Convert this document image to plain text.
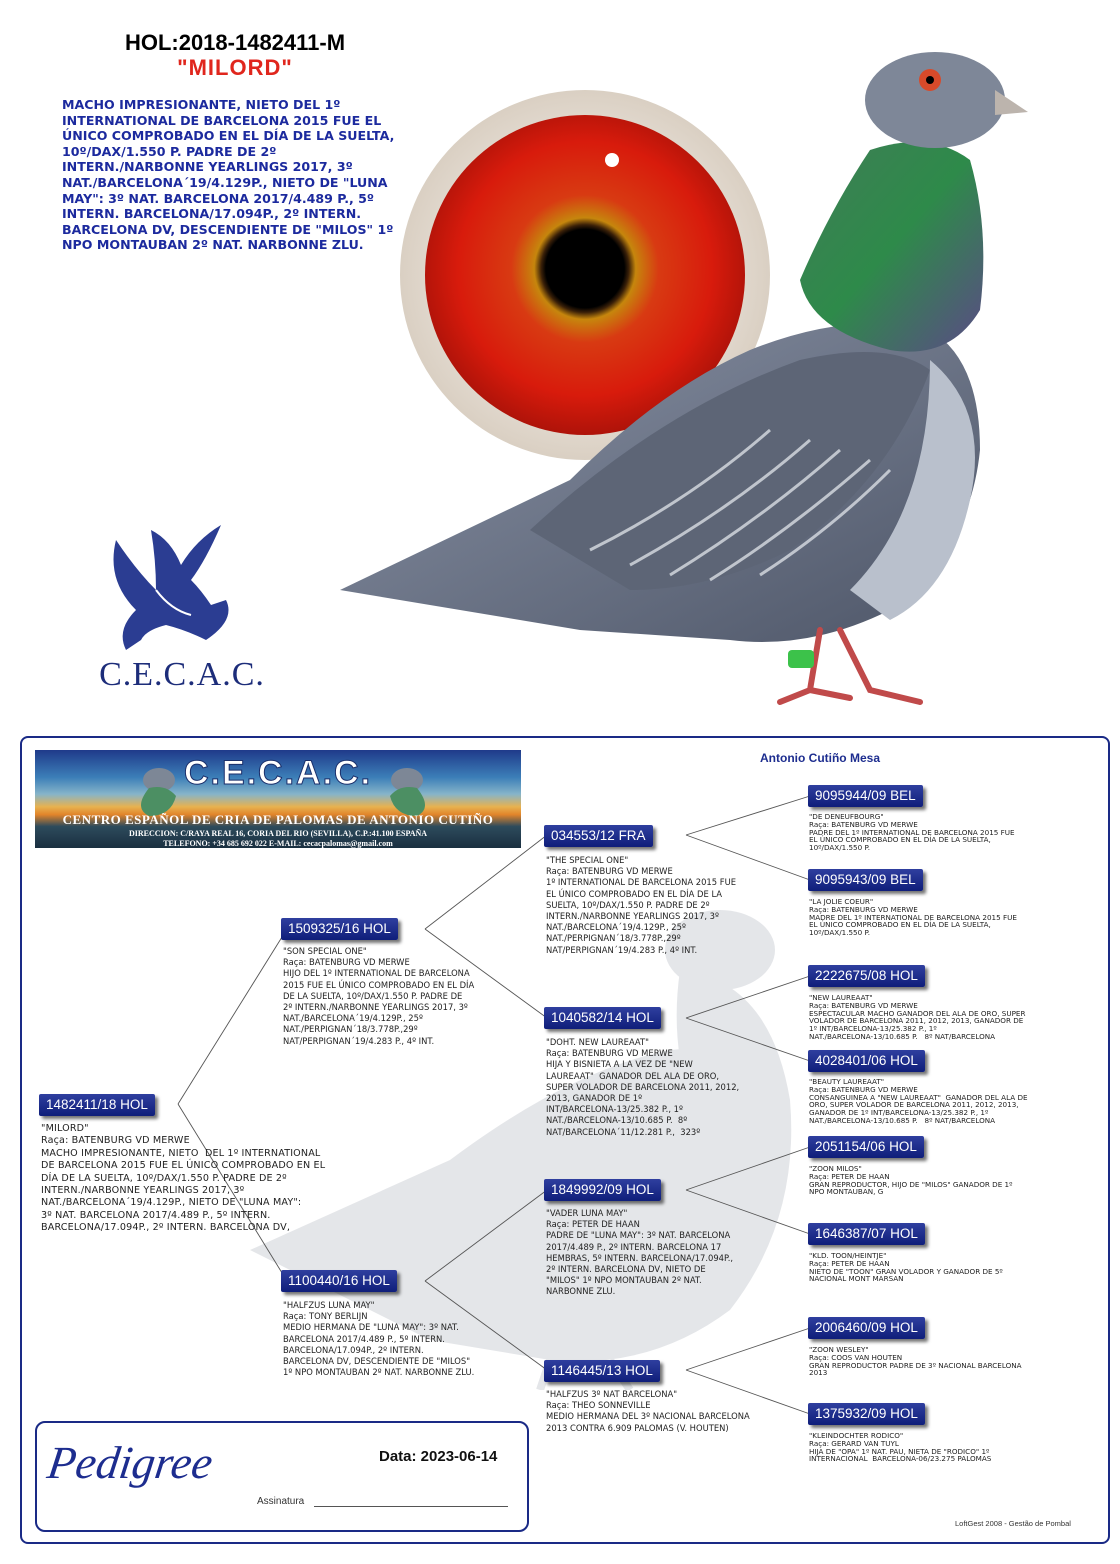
HOL:2018-1482411-M
"MILORD"
MACHO IMPRESIONANTE, NIETO DEL 1º INTERNATIONAL DE BARCELONA 2015 FUE EL ÚNICO COMPROBADO EN EL DÍA DE LA SUELTA, 10º/DAX/1.550 P. PADRE DE 2º INTERN./NARBONNE YEARLINGS 2017, 3º NAT./BARCELONA´19/4.129P., NIETO DE "LUNA MAY": 3º NAT. BARCELONA 2017/4.489 P., 5º INTERN. BARCELONA/17.094P., 2º INTERN. BARCELONA DV, DESCENDIENTE DE "MILOS" 1º NPO MONTAUBAN 2º NAT. NARBONNE ZLU.
C.E.C.A.C.
C.E.C.A.C.
CENTRO ESPAÑOL DE CRIA DE PALOMAS DE ANTONIO CUTIÑO
DIRECCION: C/RAYA REAL 16, CORIA DEL RIO (SEVILLA), C.P.:41.100 ESPAÑA
TELEFONO: +34 685 692 022 E-MAIL: cecacpalomas@gmail.com
Antonio Cutiño Mesa
1482411/18 HOL
"MILORD"
Raça: BATENBURG VD MERWE
MACHO IMPRESIONANTE, NIETO  DEL 1º INTERNATIONAL
DE BARCELONA 2015 FUE EL ÚNICO COMPROBADO EN EL
DÍA DE LA SUELTA, 10º/DAX/1.550 P. PADRE DE 2º
INTERN./NARBONNE YEARLINGS 2017, 3º
NAT./BARCELONA´19/4.129P., NIETO DE "LUNA MAY":
3º NAT. BARCELONA 2017/4.489 P., 5º INTERN.
BARCELONA/17.094P., 2º INTERN. BARCELONA DV,
1509325/16 HOL
"SON SPECIAL ONE"
Raça: BATENBURG VD MERWE
HIJO DEL 1º INTERNATIONAL DE BARCELONA
2015 FUE EL ÚNICO COMPROBADO EN EL DÍA
DE LA SUELTA, 10º/DAX/1.550 P. PADRE DE
2º INTERN./NARBONNE YEARLINGS 2017, 3º
NAT./BARCELONA´19/4.129P., 25º
NAT./PERPIGNAN´18/3.778P.,29º
NAT/PERPIGNAN´19/4.283 P., 4º INT.
1100440/16 HOL
"HALFZUS LUNA MAY"
Raça: TONY BERLIJN
MEDIO HERMANA DE "LUNA MAY": 3º NAT.
BARCELONA 2017/4.489 P., 5º INTERN.
BARCELONA/17.094P., 2º INTERN.
BARCELONA DV, DESCENDIENTE DE "MILOS"
1º NPO MONTAUBAN 2º NAT. NARBONNE ZLU.
034553/12 FRA
"THE SPECIAL ONE"
Raça: BATENBURG VD MERWE
1º INTERNATIONAL DE BARCELONA 2015 FUE
EL ÚNICO COMPROBADO EN EL DÍA DE LA
SUELTA, 10º/DAX/1.550 P. PADRE DE 2º
INTERN./NARBONNE YEARLINGS 2017, 3º
NAT./BARCELONA´19/4.129P., 25º
NAT./PERPIGNAN´18/3.778P.,29º
NAT/PERPIGNAN´19/4.283 P., 4º INT.
1040582/14 HOL
"DOHT. NEW LAUREAAT"
Raça: BATENBURG VD MERWE
HIJA Y BISNIETA A LA VEZ DE "NEW
LAUREAAT"  GANADOR DEL ALA DE ORO,
SUPER VOLADOR DE BARCELONA 2011, 2012,
2013, GANADOR DE 1º
INT/BARCELONA-13/25.382 P., 1º
NAT./BARCELONA-13/10.685 P.  8º
NAT/BARCELONA´11/12.281 P.,  323º
1849992/09 HOL
"VADER LUNA MAY"
Raça: PETER DE HAAN
PADRE DE "LUNA MAY": 3º NAT. BARCELONA
2017/4.489 P., 2º INTERN. BARCELONA 17
HEMBRAS, 5º INTERN. BARCELONA/17.094P.,
2º INTERN. BARCELONA DV, NIETO DE
"MILOS" 1º NPO MONTAUBAN 2º NAT.
NARBONNE ZLU.
1146445/13 HOL
"HALFZUS 3º NAT BARCELONA"
Raça: THEO SONNEVILLE
MEDIO HERMANA DEL 3º NACIONAL BARCELONA
2013 CONTRA 6.909 PALOMAS (V. HOUTEN)
9095944/09 BEL
"DE DENEUFBOURG"
Raça: BATENBURG VD MERWE
PADRE DEL 1º INTERNATIONAL DE BARCELONA 2015 FUE
EL ÚNICO COMPROBADO EN EL DÍA DE LA SUELTA,
10º/DAX/1.550 P.
9095943/09 BEL
"LA JOLIE COEUR"
Raça: BATENBURG VD MERWE
MADRE DEL 1º INTERNATIONAL DE BARCELONA 2015 FUE
EL ÚNICO COMPROBADO EN EL DÍA DE LA SUELTA,
10º/DAX/1.550 P.
2222675/08 HOL
"NEW LAUREAAT"
Raça: BATENBURG VD MERWE
ESPECTACULAR MACHO GANADOR DEL ALA DE ORO, SUPER
VOLADOR DE BARCELONA 2011, 2012, 2013, GANADOR DE
1º INT/BARCELONA-13/25.382 P., 1º
NAT./BARCELONA-13/10.685 P.   8º NAT/BARCELONA
4028401/06 HOL
"BEAUTY LAUREAAT"
Raça: BATENBURG VD MERWE
CONSANGUINEA A "NEW LAUREAAT"  GANADOR DEL ALA DE
ORO, SUPER VOLADOR DE BARCELONA 2011, 2012, 2013,
GANADOR DE 1º INT/BARCELONA-13/25.382 P., 1º
NAT./BARCELONA-13/10.685 P.   8º NAT/BARCELONA
2051154/06 HOL
"ZOON MILOS"
Raça: PETER DE HAAN
GRAN REPRODUCTOR, HIJO DE "MILOS" GANADOR DE 1º
NPO MONTAUBAN, G
1646387/07 HOL
"KLD. TOON/HEINTJE"
Raça: PETER DE HAAN
NIETO DE "TOON" GRAN VOLADOR Y GANADOR DE 5º
NACIONAL MONT MARSAN
2006460/09 HOL
"ZOON WESLEY"
Raça: COOS VAN HOUTEN
GRAN REPRODUCTOR PADRE DE 3º NACIONAL BARCELONA
2013
1375932/09 HOL
"KLEINDOCHTER RODICO"
Raça: GERARD VAN TUYL
HIJA DE "OPA" 1º NAT. PAU, NIETA DE "RODICO" 1º
INTERNACIONAL  BARCELONA-06/23.275 PALOMAS
Pedigree	Data: 2023-06-14
Assinatura
LoftGest 2008 - Gestão de Pombal
